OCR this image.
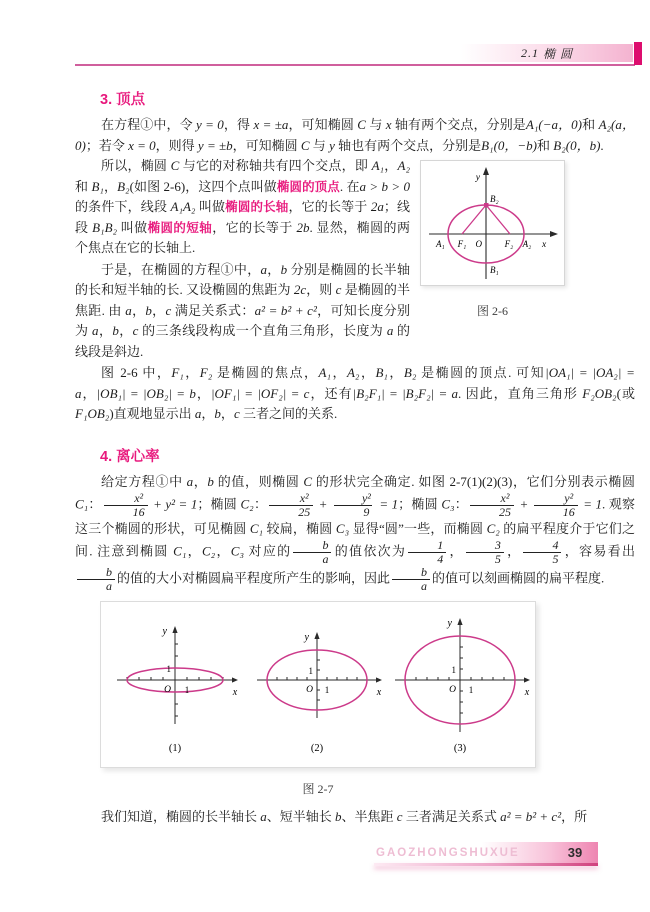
2.1
椭 圆
3. 顶点

在方程①中，令 y = 0，得 x = ±a，可知椭圆 C 与 x 轴有两个交点，分别是A₁(−a，0)和 A₂(a，0)；若令 x = 0，则得 y = ±b，可知椭圆 C 与 y 轴也有两个交点，分别是B₁(0，−b)和 B₂(0，b).

y
B₂
A₁ F₁ O	F₂ A₂ x
B₁
图 2-6

所以，椭圆 C 与它的对称轴共有四个交点，即 A₁，A₂ 和 B₁，B₂(如图 2-6)，这四个点叫做椭圆的顶点. 在a > b > 0的条件下，线段 A₁A₂ 叫做椭圆的长轴，它的长等于 2a；线段 B₁B₂ 叫做椭圆的短轴，它的长等于 2b. 显然，椭圆的两个焦点在它的长轴上.

于是，在椭圆的方程①中，a，b 分别是椭圆的长半轴的长和短半轴的长. 又设椭圆的焦距为 2c，则 c 是椭圆的半焦距. 由 a，b，c 满足关系式：a² = b² + c²，可知长度分别为 a，b，c 的三条线段构成一个直角三角形，长度为 a 的线段是斜边.

图 2-6 中，F₁，F₂ 是椭圆的焦点，A₁，A₂，B₁，B₂ 是椭圆的顶点. 可知|OA₁| = |OA₂| = a，|OB₁| = |OB₂| = b，|OF₁| = |OF₂| = c，还有|B₂F₁| = |B₂F₂| = a. 因此，直角三角形 F₂OB₂(或 F₁OB₂)直观地显示出 a，b，c 三者之间的关系.

4. 离心率

给定方程①中 a，b 的值，则椭圆 C 的形状完全确定. 如图 2-7(1)(2)(3)，它们分别表示椭圆 C₁： $\frac{\text{x²}}{16} + y^2 = 1$；椭圆 C₂： $\frac{\text{x²}}{25} + \frac{\text{y²}}{9} = 1$；椭圆 C₃： $\frac{\text{x²}}{25} + \frac{\text{y²}}{16} = 1$. 观察这三个椭圆的形状，可见椭圆 C₁ 较扁，椭圆 C₃ 显得“圆”一些，而椭圆 C₂ 的扁平程度介于它们之间. 注意到椭圆 C₁，C₂，C₃ 对应的 $\frac{b}{a}$ 的值依次为 $\frac{1}{4}$ ， $\frac{3}{5}$ ， $\frac{4}{5}$ ，容易看出
$\frac{b}{a}$ 的值的大小对椭圆扁平程度所产生的影响，因此 $\frac{b}{a}$ 的值可以刻画椭圆的扁平程度.

y
x
O 1
1
(1)
y
x
O 1
1
(2)
y
x
O 1
1
(3)
图 2-7

我们知道，椭圆的长半轴长 a、短半轴长 b、半焦距 c 三者满足关系式 a² = b² + c²，所

GAOZHONGSHUXUE	39
